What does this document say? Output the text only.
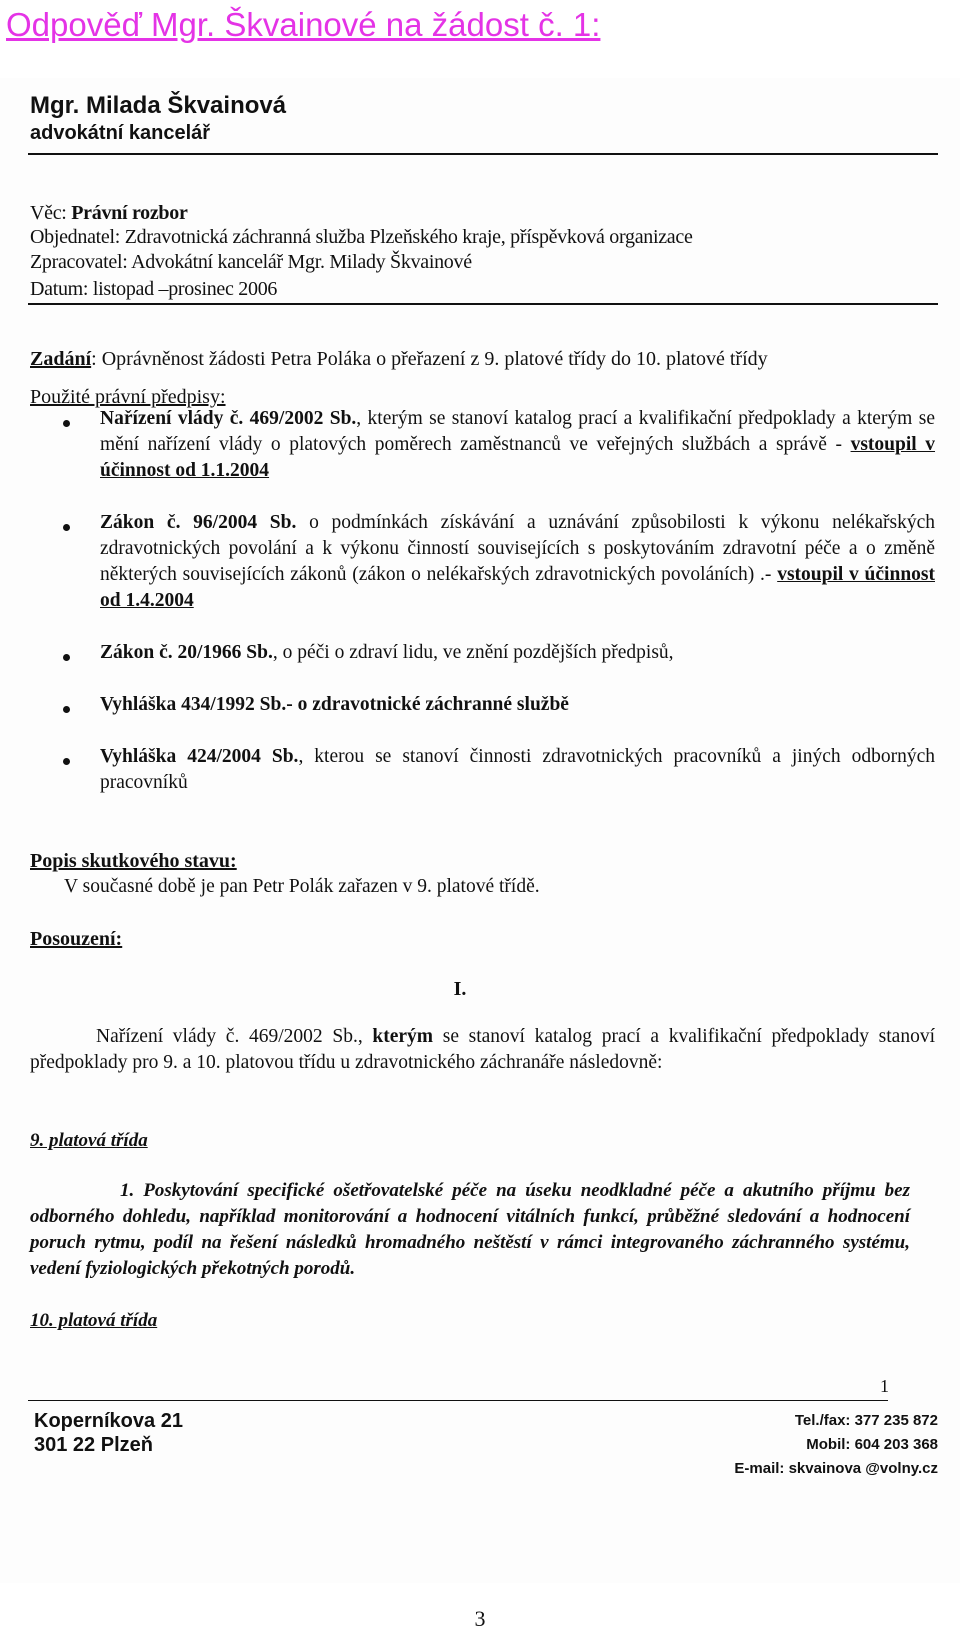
Odpověď Mgr. Škvainové na žádost č. 1:
Mgr. Milada Škvainová
advokátní kancelář
Věc: Právní rozbor
Objednatel: Zdravotnická záchranná služba Plzeňského kraje, příspěvková organizace
Zpracovatel: Advokátní kancelář Mgr. Milady Škvainové
Datum: listopad –prosinec 2006
Zadání: Oprávněnost žádosti Petra Poláka o přeřazení z 9. platové třídy do 10. platové třídy
Použité právní předpisy:
Nařízení vlády č. 469/2002 Sb., kterým se stanoví katalog prací a kvalifikační předpoklady a kterým se mění nařízení vlády o platových poměrech zaměstnanců ve veřejných službách a správě - vstoupil v účinnost od 1.1.2004
Zákon č. 96/2004 Sb. o podmínkách získávání a uznávání způsobilosti k výkonu nelékařských zdravotnických povolání a k výkonu činností souvisejících s poskytováním zdravotní péče a o změně některých souvisejících zákonů (zákon o nelékařských zdravotnických povoláních) .- vstoupil v účinnost od 1.4.2004
Zákon č. 20/1966 Sb., o péči o zdraví lidu, ve znění pozdějších předpisů,
Vyhláška 434/1992 Sb.- o zdravotnické záchranné službě
Vyhláška 424/2004 Sb., kterou se stanoví činnosti zdravotnických pracovníků a jiných odborných pracovníků
Popis skutkového stavu:
V současné době je pan Petr Polák zařazen v 9. platové třídě.
Posouzení:
I.
Nařízení vlády č. 469/2002 Sb., kterým se stanoví katalog prací a kvalifikační předpoklady stanoví předpoklady pro 9. a 10. platovou třídu u zdravotnického záchranáře následovně:
9. platová třída
1. Poskytování specifické ošetřovatelské péče na úseku neodkladné péče a akutního příjmu bez odborného dohledu, například monitorování a hodnocení vitálních funkcí, průběžné sledování a hodnocení poruch rytmu, podíl na řešení následků hromadného neštěstí v rámci integrovaného záchranného systému, vedení fyziologických překotných porodů.
10. platová třída
1
Koperníkova 21
301 22 Plzeň
Tel./fax: 377 235 872
Mobil: 604 203 368
E-mail: skvainova @volny.cz
3
